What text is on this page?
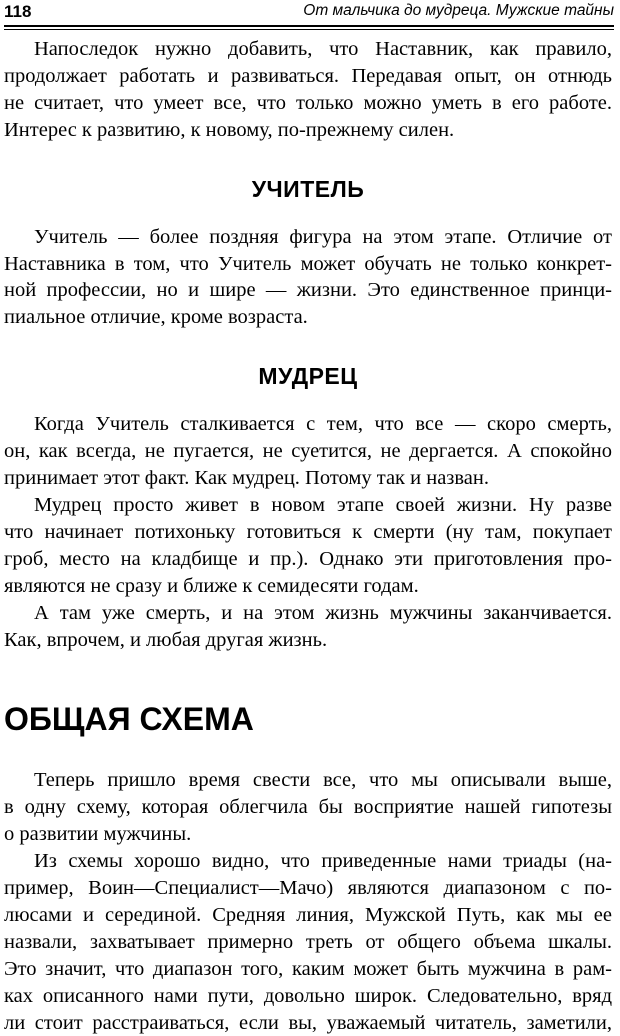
118	От мальчика до мудреца. Мужские тайны

Напоследок нужно добавить, что Наставник, как правило,

продолжает работать и развиваться. Передавая опыт, он отнюдь

не считает, что умеет все, что только можно уметь в его работе.

Интерес к развитию, к новому, по-прежнему силен.

УЧИТЕЛЬ

Учитель — более поздняя фигура на этом этапе. Отличие от

Наставника в том, что Учитель может обучать не только конкрет-

ной профессии, но и шире — жизни. Это единственное принци-

пиальное отличие, кроме возраста.

МУДРЕЦ

Когда Учитель сталкивается с тем, что все — скоро смерть,

он, как всегда, не пугается, не суетится, не дергается. А спокойно

принимает этот факт. Как мудрец. Потому так и назван.

Мудрец просто живет в новом этапе своей жизни. Ну разве

что начинает потихоньку готовиться к смерти (ну там, покупает

гроб, место на кладбище и пр.). Однако эти приготовления про-

являются не сразу и ближе к семидесяти годам.

А там уже смерть, и на этом жизнь мужчины заканчивается.

Как, впрочем, и любая другая жизнь.

ОБЩАЯ СХЕМА

Теперь пришло время свести все, что мы описывали выше,

в одну схему, которая облегчила бы восприятие нашей гипотезы

о развитии мужчины.

Из схемы хорошо видно, что приведенные нами триады (на-

пример, Воин—Специалист—Мачо) являются диапазоном с по-

люсами и серединой. Средняя линия, Мужской Путь, как мы ее

назвали, захватывает примерно треть от общего объема шкалы.

Это значит, что диапазон того, каким может быть мужчина в рам-

ках описанного нами пути, довольно широк. Следовательно, вряд

ли стоит расстраиваться, если вы, уважаемый читатель, заметили,
